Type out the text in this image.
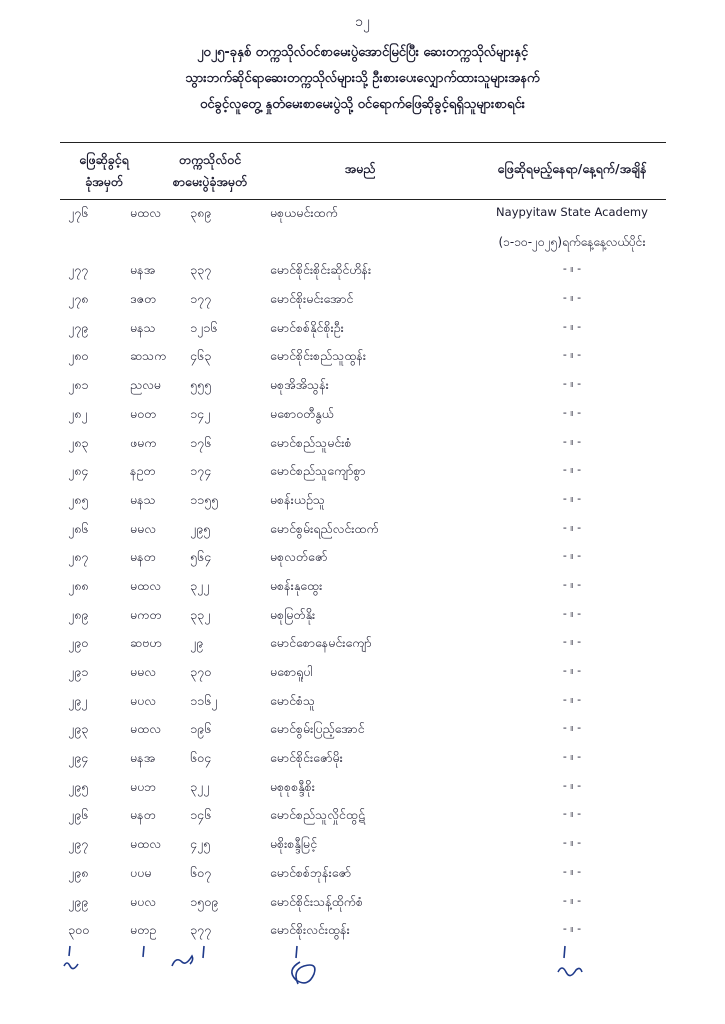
၁၂
၂၀၂၅-ခုနှစ် တက္ကသိုလ်ဝင်စာမေးပွဲအောင်မြင်ပြီး ဆေးတက္ကသိုလ်များနှင့်
သွားဘက်ဆိုင်ရာဆေးတက္ကသိုလ်များသို့ ဦးစားပေးလျှောက်ထားသူများအနက်
ဝင်ခွင့်လူတွေ့ နှုတ်မေးစာမေးပွဲသို့ ဝင်ရောက်ဖြေဆိုခွင့်ရရှိသူများစာရင်း
ဖြေဆိုခွင့်ရ
ခုံအမှတ်
တက္ကသိုလ်ဝင်
စာမေးပွဲခုံအမှတ်
အမည်	ဖြေဆိုရမည့်နေရာ/နေ့ရက်/အချိန်
၂၇၆	မထလ ၃၈၉	မစုယမင်းထက်	Naypyitaw State Academy
(၁-၁၀-၂၀၂၅)ရက်နေ့နေ့လယ်ပိုင်း
၂၇၇	မနအ	၃၃၇	မောင်စိုင်းစိုင်းဆိုင်ဟိန်း	- ။ -
၂၇၈	ဒဇတ	၁၇၇	မောင်စိုးမင်းအောင်	- ။ -
၂၇၉	မနသ	၁၂၁၆	မောင်စစ်နိုင်စိုးဦး	- ။ -
၂၈၀	ဆသက ၄၆၃	မောင်စိုင်းစည်သူထွန်း	- ။ -
၂၈၁	ညလမ ၅၅၅	မစုအိအိသွန်း	- ။ -
၂၈၂	မဝတ	၁၄၂	မစောဝတီနွယ်	- ။ -
၂၈၃	ဖမက	၁၇၆	မောင်စည်သူမင်းစံ	- ။ -
၂၈၄	နဥတ	၁၇၄	မောင်စည်သူကျော်စွာ	- ။ -
၂၈၅	မနသ	၁၁၅၅	မစန်းယဉ်သူ	- ။ -
၂၈၆	မမလ	၂၉၅	မောင်စွမ်းရည်လင်းထက်	- ။ -
၂၈၇	မနတ	၅၆၄	မစုလတ်ဇော်	- ။ -
၂၈၈	မထလ ၃၂၂	မစန်းနုထွေး	- ။ -
၂၈၉	မကတ ၃၃၂	မစုမြတ်နိုး	- ။ -
၂၉၀	ဆဗဟ ၂၉	မောင်စောနေမင်းကျော်	- ။ -
၂၉၁	မမလ	၃၇၀	မစောရူပါ	- ။ -
၂၉၂	မပလ	၁၁၆၂	မောင်စံသူ	- ။ -
၂၉၃	မထလ ၁၉၆	မောင်စွမ်းပြည့်အောင်	- ။ -
၂၉၄	မနအ	၆၀၄	မောင်စိုင်းဇော်မိုး	- ။ -
၂၉၅	မပဘ	၃၂၂	မစုစုစန္ဒီစိုး	- ။ -
၂၉၆	မနတ	၁၄၆	မောင်စည်သူလှိုင်ထွဋ်	- ။ -
၂၉၇	မထလ ၄၂၅	မစိုးစန္ဒီမြင့်	- ။ -
၂၉၈	ပပမ	၆၀၇	မောင်စစ်ဘုန်းဇော်	- ။ -
၂၉၉	မပလ	၁၅၀၉	မောင်စိုင်းသန့်ထိုက်စံ	- ။ -
၃၀၀	မတဥ	၃၇၇	မောင်စိုးလင်းထွန်း	- ။ -
